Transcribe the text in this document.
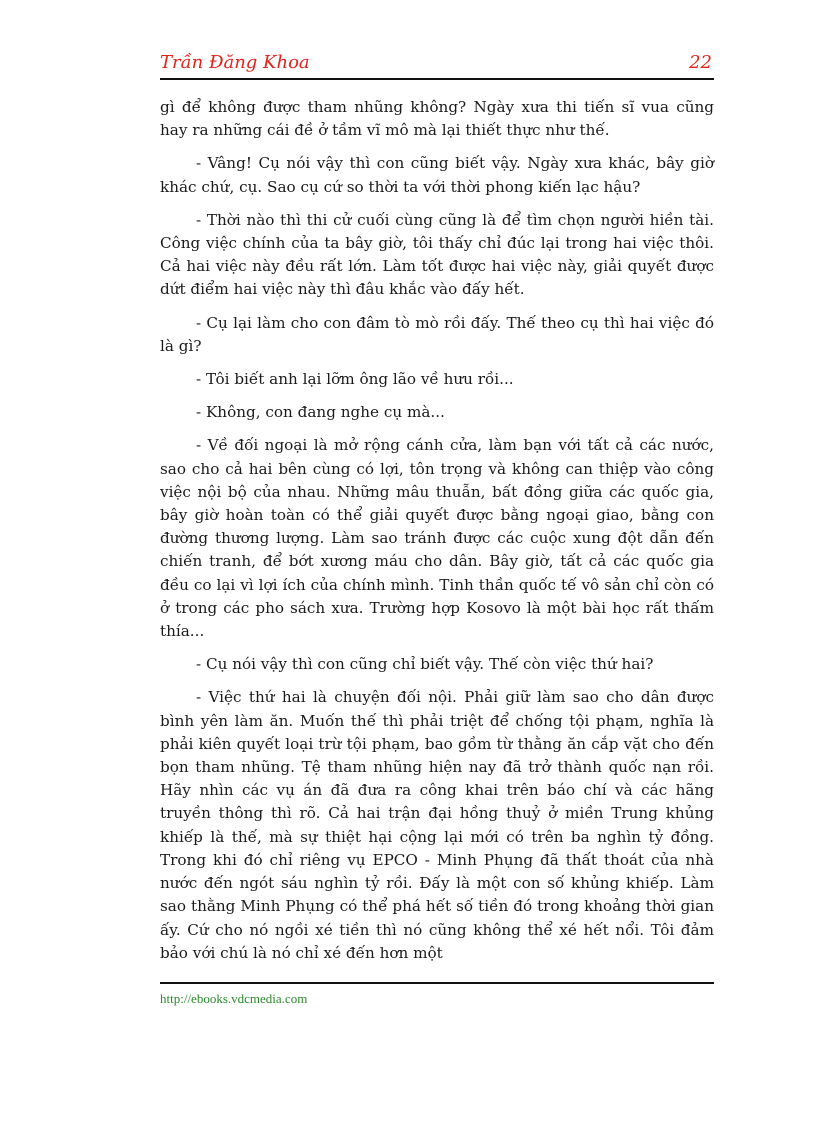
Trần Đăng Khoa	22

gì để không được tham nhũng không? Ngày xưa thi tiến sĩ vua cũng hay ra những cái đề ở tầm vĩ mô mà lại thiết thực như thế.

- Vâng! Cụ nói vậy thì con cũng biết vậy. Ngày xưa khác, bây giờ khác chứ, cụ. Sao cụ cứ so thời ta với thời phong kiến lạc hậu?

- Thời nào thì thi cử cuối cùng cũng là để tìm chọn người hiền tài. Công việc chính của ta bây giờ, tôi thấy chỉ đúc lại trong hai việc thôi. Cả hai việc này đều rất lớn. Làm tốt được hai việc này, giải quyết được dứt điểm hai việc này thì đâu khắc vào đấy hết.

- Cụ lại làm cho con đâm tò mò rồi đấy. Thế theo cụ thì hai việc đó là gì?

- Tôi biết anh lại lỡm ông lão về hưu rồi...

- Không, con đang nghe cụ mà...

- Về đối ngoại là mở rộng cánh cửa, làm bạn với tất cả các nước, sao cho cả hai bên cùng có lợi, tôn trọng và không can thiệp vào công việc nội bộ của nhau. Những mâu thuẫn, bất đồng giữa các quốc gia, bây giờ hoàn toàn có thể giải quyết được bằng ngoại giao, bằng con đường thương lượng. Làm sao tránh được các cuộc xung đột dẫn đến chiến tranh, để bớt xương máu cho dân. Bây giờ, tất cả các quốc gia đều co lại vì lợi ích của chính mình. Tinh thần quốc tế vô sản chỉ còn có ở trong các pho sách xưa. Trường hợp Kosovo là một bài học rất thấm thía...

- Cụ nói vậy thì con cũng chỉ biết vậy. Thế còn việc thứ hai?

- Việc thứ hai là chuyện đối nội. Phải giữ làm sao cho dân được bình yên làm ăn. Muốn thế thì phải triệt để chống tội phạm, nghĩa là phải kiên quyết loại trừ tội phạm, bao gồm từ thằng ăn cắp vặt cho đến bọn tham nhũng. Tệ tham nhũng hiện nay đã trở thành quốc nạn rồi. Hãy nhìn các vụ án đã đưa ra công khai trên báo chí và các hãng truyền thông thì rõ. Cả hai trận đại hồng thuỷ ở miền Trung khủng khiếp là thế, mà sự thiệt hại cộng lại mới có trên ba nghìn tỷ đồng. Trong khi đó chỉ riêng vụ EPCO - Minh Phụng đã thất thoát của nhà nước đến ngót sáu nghìn tỷ rồi. Đấy là một con số khủng khiếp. Làm sao thằng Minh Phụng có thể phá hết số tiền đó trong khoảng thời gian ấy. Cứ cho nó ngồi xé tiền thì nó cũng không thể xé hết nổi. Tôi đảm bảo với chú là nó chỉ xé đến hơn một

http://ebooks.vdcmedia.com
